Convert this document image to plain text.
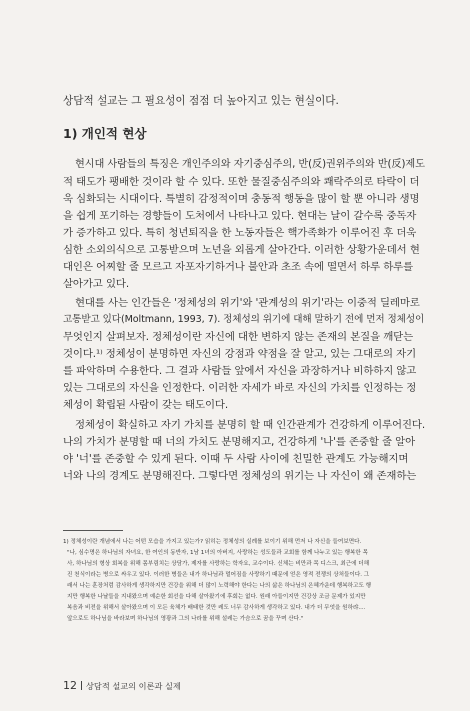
상담적 설교는 그 필요성이 점점 더 높아지고 있는 현실이다.
1) 개인적 현상
현시대 사람들의 특징은 개인주의와 자기중심주의, 반(反)권위주의와 반(反)제도
적 태도가 팽배한 것이라 할 수 있다. 또한 물질중심주의와 쾌락주의로 타락이 더
욱 심화되는 시대이다. 특별히 감정적이며 충동적 행동을 많이 할 뿐 아니라 생명
을 쉽게 포기하는 경향들이 도처에서 나타나고 있다. 현대는 날이 갈수록 중독자
가 증가하고 있다. 특히 청년퇴직을 한 노동자들은 핵가족화가 이루어진 후 더욱
심한 소외의식으로 고통받으며 노년을 외롭게 살아간다. 이러한 상황가운데서 현
대인은 어찌할 줄 모르고 자포자기하거나 불안과 초조 속에 떨면서 하루 하루를
살아가고 있다.
현대를 사는 인간들은 '정체성의 위기'와 '관계성의 위기'라는 이중적 딜레마로
고통받고 있다(Moltmann, 1993, 7). 정체성의 위기에 대해 말하기 전에 먼저 정체성이
무엇인지 살펴보자. 정체성이란 자신에 대한 변하지 않는 존재의 본질을 깨닫는
것이다.¹⁾ 정체성이 분명하면 자신의 강점과 약점을 잘 알고, 있는 그대로의 자기
를 파악하며 수용한다. 그 결과 사람들 앞에서 자신을 과장하거나 비하하지 않고
있는 그대로의 자신을 인정한다. 이러한 자세가 바로 자신의 가치를 인정하는 정
체성이 확립된 사람이 갖는 태도이다.
정체성이 확실하고 자기 가치를 분명히 할 때 인간관계가 건강하게 이루어진다.
나의 가치가 분명할 때 너의 가치도 분명해지고, 건강하게 '나'를 존중할 줄 알아
야 '너'를 존중할 수 있게 된다. 이때 두 사람 사이에 친밀한 관계도 가능해지며
너와 나의 경계도 분명해진다. 그렇다면 정체성의 위기는 나 자신이 왜 존재하는
1) 정체성이란 개념에서 나는 어떤 모습을 가지고 있는가? 읽히는 정체성의 실례를 보이기 위해 먼저 나 자신을 들여보면다.
"나, 심수명은 하나님의 자녀요, 한 여인의 동반자, 1남 1녀의 아버지, 사랑하는 성도들과 교회를 함께 나누고 있는 행복한 목
사, 하나님의 형상 회복을 위해 몸부림치는 상담가, 제자를 사랑하는 학자요, 교수이다. 신체는 비만과 목 디스크, 최근에 더해
진 천식이라는 병으로 싸우고 있다. 이러한 병들은 내가 하나님과 멀어짐을 사랑하기 때문에 얻은 영적 전쟁의 상처들이다. 그
래서 나는 훈장처럼 감사하게 생각하지만 건강을 위해 더 많이 노력해야 한다는 나의 삶은 하나님의 은혜가운데 행복하고도 행
지만 행복한 나날들을 지내왔으며 예순한 회선을 다해 살아왔기에 후회는 없다. 원래 아들이지만 건강상 조금 문제가 있지만
복음과 비전을 위해서 살아왔으며 이 모든 육체가 배태한 것만 레도 너무 감사하게 생각하고 있다. 내가 더 무엇을 원하랴....
앞으로도 하나님을 바라보며 하나님의 영광과 그의 나라를 위해 설레는 가슴으로 꿈을 꾸며 산다."
12 상담적 설교의 이론과 실제
